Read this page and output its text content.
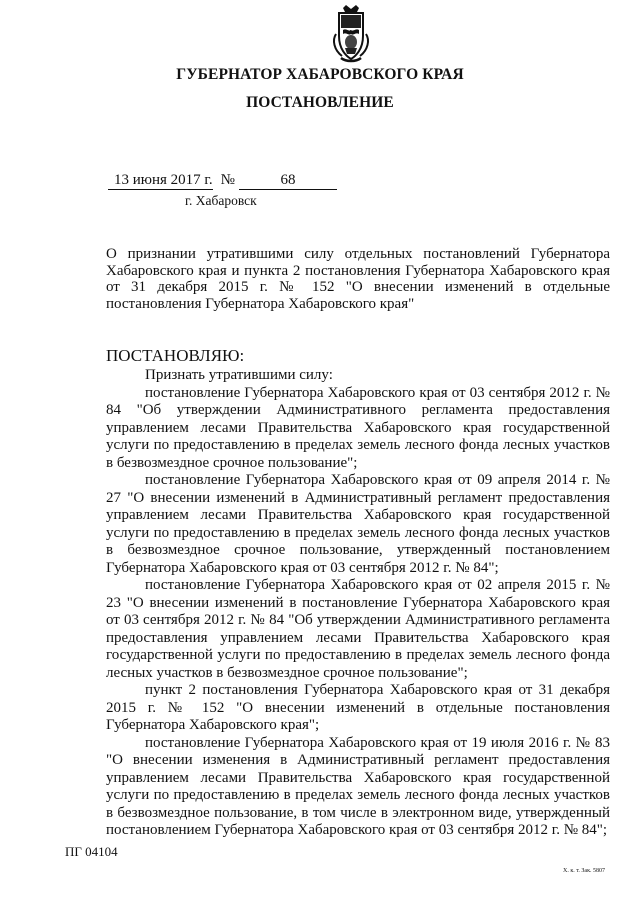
ГУБЕРНАТОР ХАБАРОВСКОГО КРАЯ
ПОСТАНОВЛЕНИЕ
13 июня 2017 г. №	68
г. Хабаровск
О признании утратившими силу отдельных постановлений Губернатора Хабаровского края и пункта 2 постановления Губернатора Хабаровского края от 31 декабря 2015 г. № 152 "О внесении изменений в отдельные постановления Губернатора Хабаровского края"
ПОСТАНОВЛЯЮ:

Признать утратившими силу:

постановление Губернатора Хабаровского края от 03 сентября 2012 г. № 84 "Об утверждении Административного регламента предоставления управлением лесами Правительства Хабаровского края государственной услуги по предоставлению в пределах земель лесного фонда лесных участков в безвозмездное срочное пользование";

постановление Губернатора Хабаровского края от 09 апреля 2014 г. № 27 "О внесении изменений в Административный регламент предоставления управлением лесами Правительства Хабаровского края государственной услуги по предоставлению в пределах земель лесного фонда лесных участков в безвозмездное срочное пользование, утвержденный постановлением Губернатора Хабаровского края от 03 сентября 2012 г. № 84";

постановление Губернатора Хабаровского края от 02 апреля 2015 г. № 23 "О внесении изменений в постановление Губернатора Хабаровского края от 03 сентября 2012 г. № 84 "Об утверждении Административного регламента предоставления управлением лесами Правительства Хабаровского края государственной услуги по предоставлению в пределах земель лесного фонда лесных участков в безвозмездное срочное пользование";

пункт 2 постановления Губернатора Хабаровского края от 31 декабря 2015 г. № 152 "О внесении изменений в отдельные постановления Губернатора Хабаровского края";

постановление Губернатора Хабаровского края от 19 июля 2016 г. № 83 "О внесении изменения в Административный регламент предоставления управлением лесами Правительства Хабаровского края государственной услуги по предоставлению в пределах земель лесного фонда лесных участков в безвозмездное пользование, в том числе в электронном виде, утвержденный постановлением Губернатора Хабаровского края от 03 сентября 2012 г. № 84";

ПГ 04104
Х. к. т. Зак. 5807
